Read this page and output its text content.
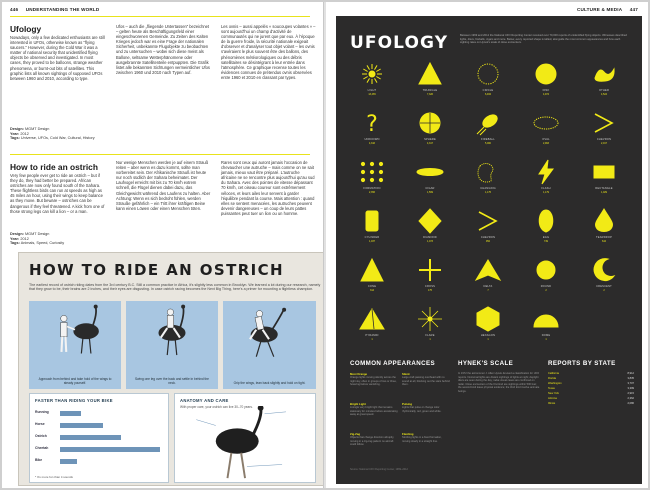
446 UNDERSTANDING THE WORLD
Ufology
Nowadays, only a few dedicated enthusiasts are still interested in UFOs, otherwise known as "flying saucers." However, during the Cold War it was a matter of national security that unidentified flying objects be observed and investigated. In most cases, they proved to be balloons, strange weather phenomena, or burnt-out bits of satellites. This graphic lists all known sightings of supposed UFOs between 1960 and 2010, according to type.
Ufos – auch die „fliegende Untertassen“ bezeichnet – gelten heute als Beschäftigungsfeld einer eingeschworenen Gemeinde. Zu Zeiten des Kalten Krieges jedoch war es eine Frage der nationalen Sicherheit, unbekannte Flugobjekte zu beobachten und zu untersuchen – wobei sich diese meist als Ballone, seltsame Wetterphänomene oder ausgebrannte Satellitenteile entpuppten. Die Grafik listet alle bekannten Sichtungen vermeintlicher Ufos zwischen 1960 und 2010 nach Typen auf.
Les ovnis – aussi appelés « soucoupes volantes » – sont aujourd'hui un champ d'activité de communautés qui ne jurent que par eux. À l'époque de la guerre froide, la sécurité nationale exigeait d'observer et d'analyser tout objet volant – les ovnis s'avéraient le plus souvent être des ballons, des phénomènes météorologiques ou des débris satellitaires se désintégrant à leur entrée dans l'atmosphère. Ce graphique recense toutes les évidences connues de prétendus ovnis observées entre 1960 et 2010 en classant par types.
Design: MGMT Design
Year: 2012
Tags: Universe, UFOs, Cold War, Cultural, History
How to ride an ostrich
Very few people ever get to ride an ostrich – but if they do, they had better be prepared. African ostriches are now only found south of the Sahara. These flightless birds can run at speeds as high as 45 miles an hour, using their wings to keep balance as they move. But beware – ostriches can be dangerous if they feel threatened. A kick from one of those strong legs can kill a lion – or a man.
Nur wenige Menschen werden je auf einem Strauß reiten – aber wenn es dazu kommt, sollte man vorbereitet sein. Der Afrikanische Strauß ist heute nur noch südlich der Sahara beheimatet. Der Laufvogel erreicht mit bis zu 70 km/h extrem schnell, die Flügel dienen dabei dazu, das Gleichgewicht während des Laufens zu halten. Aber Achtung: Wenn es sich bedroht fühlen, werden Strauße gefährlich – ein Tritt ihrer kräftigen Beine kann einen Löwen oder einen Menschen töten.
Rares sont ceux qui auront jamais l'occasion de chevaucher une autruche – mais comme on ne sait jamais, mieux vaut être préparé. L'autruche africaine ne se rencontre plus aujourd'hui qu'au sud du Sahara. Avec des pointes de vitesse dépassant 70 km/h, cet oiseau coureur sont extrêmement véloces, et leurs ailes leur servent à garder l'équilibre pendant la course. Mais attention : quand elles se sentent menacées, les autruches peuvent devenir dangereuses – un coup de leurs pattes puissantes peut tuer un lion ou un homme.
Design: MGMT Design
Year: 2012
Tags: Animals, Speed, Curiosity
HOW TO RIDE AN OSTRICH
The earliest record of ostrich riding dates from the 3rd century B.C. Still a common practice in Africa, it's slightly less common in Brooklyn. We learned a lot during our research, namely that they grow to be, their brains are 2 inches, and their eyes are disgusting. In case ostrich racing becomes the Next Big Thing, here's a primer for mounting a flightless champion.
Approach from behind and take hold of the wings to steady yourself.
Swing one leg over the back and settle in behind the neck.	Grip the wings, lean back slightly and hold on tight.
FASTER THAN RIDING YOUR BIKE
Running
Horse
Ostrich
Cheetah
Bike
* It's more fun than it sounds
ANATOMY AND CARE
With proper care, your ostrich can live 30–70 years.
CULTURE & MEDIA 447
UFOLOGY	Between 1969 and 2012 the National UFO Reporting Center received over 70,000 reports of unidentified flying objects. Witnesses described lights, discs, fireballs, cigars and more. Below, every reported shape is tallied, alongside the most common appearances and how each sighting rates on Hynek's scale of close encounters.
LIGHT
13,465
TRIANGLE
7,326
CIRCLE
6,934
DISK
4,974
OTHER
4,524
?
UNKNOWN
4,316
SPHERE
4,317
FIREBALL
5,000
OVAL
2,963
CHEVRON
2,017
FORMATION
2,356
CIGAR
1,569
CHANGING
1,175
FLASH
1,179
RECTANGLE
1,029
CYLINDER
1,037
DIAMOND
1,073
CHEVRON
952
EGG
749
TEARDROP
644
CONE
314
CROSS
175
DELTA
7
ROUND
2
CRESCENT
2
PYRAMID
1
FLARE
1
HEXAGON
1
DOME
1
COMMON APPEARANCES
Most Orange
Orange lights moving silently across the night sky, often in groups of two or three, hovering before vanishing.
Bright Light
A single very bright light that remains stationary for minutes before accelerating away at great speed.
Zig-Zag
Objects that change direction abruptly, moving in a zig-zag pattern no aircraft could follow.
Silent
Large craft passing overhead with no sound at all, blocking out the stars behind them.
Pulsing
Lights that pulse or change color rhythmically, red, green and white.
Flashing
Strobing lights in a fixed formation, moving slowly in a straight line.
HYNEK'S SCALE
In 1972 the astronomer J. Allen Hynek devised a classification for UFO reports. Nocturnal lights are distant sightings of lights at night; daylight discs are seen during the day; radar-visual cases are confirmed on radar. Close encounters of the first kind are sightings within 500 feet; the second kind leave physical evidence; the third kind involve animate beings.
REPORTS BY STATE
California	8,912
Florida	3,835
Washington	3,707
Texas	3,399
New York	2,915
Arizona	2,362
Illinois	2,086
Source: National UFO Reporting Center, 1969–2012
